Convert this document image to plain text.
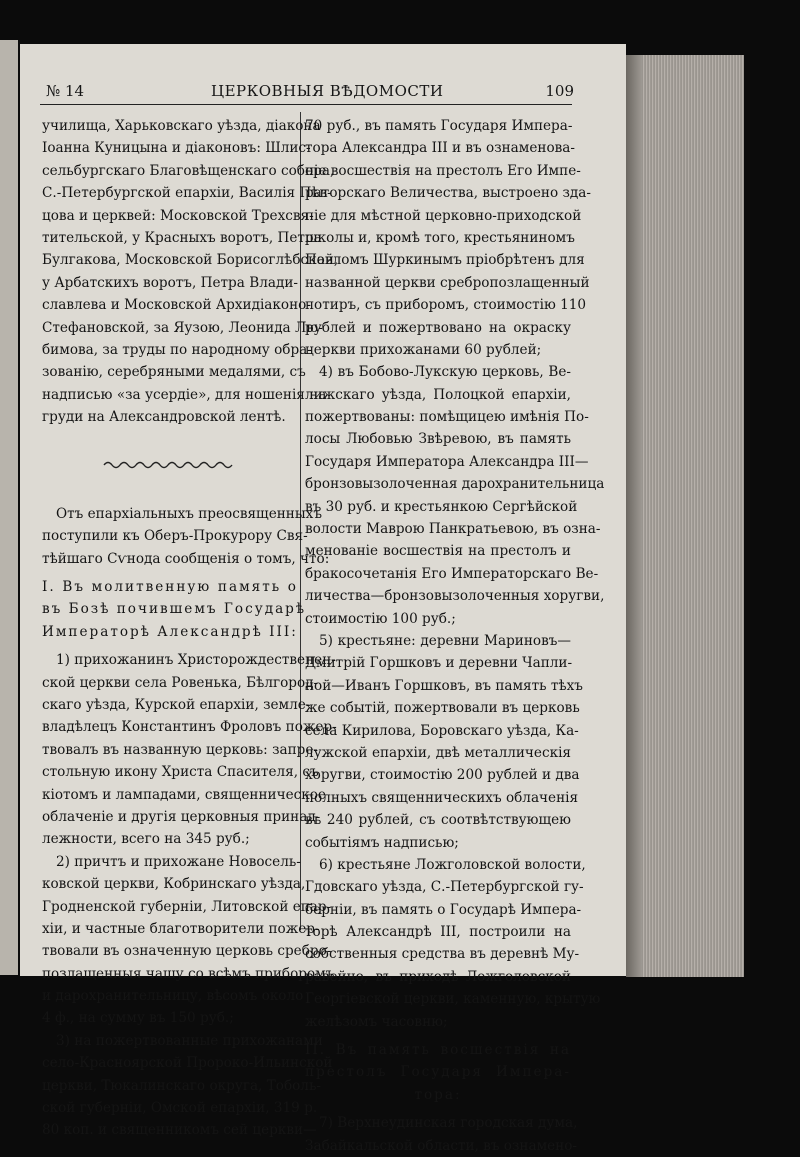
№ 14	ЦЕРКОВНЫЯ ВѢДОМОСТИ	109
училища, Харьковскаго уѣзда, діакона
Іоанна Куницына и діаконовъ: Шлис-
сельбургскаго Благовѣщенскаго собора,
С.-Петербургской епархіи, Василія Пѣв-
цова и церквей: Московской Трехсвя-
тительской, у Красныхъ воротъ, Петра
Булгакова, Московской Борисоглѣбской,
у Арбатскихъ воротъ, Петра Влади-
славлева и Московской Архидіаконо-
Стефановской, за Яузою, Леонида Лю-
бимова, за труды по народному обра-
зованію, серебряными медалями, съ
надписью «за усердіе», для ношенія на
груди на Александровской лентѣ.
Отъ епархіальныхъ преосвященныхъ
поступили къ Оберъ-Прокурору Свя-
тѣйшаго Сѵнода сообщенія о томъ, что:
I. Въ молитвенную память о
въ Бозѣ почившемъ Государѣ
Императорѣ Александрѣ III:
1) прихожанинъ Христорождественен-
ской церкви села Ровенька, Бѣлгород-
скаго уѣзда, Курской епархіи, земле-
владѣлецъ Константинъ Фроловъ пожер-
твовалъ въ названную церковь: запре-
стольную икону Христа Спасителя, съ
кіотомъ и лампадами, священническое
облаченіе и другія церковныя принад-
лежности, всего на 345 руб.;
2) причтъ и прихожане Новосель-
ковской церкви, Кобринскаго уѣзда,
Гродненской губерніи, Литовской епар-
хіи, и частные благотворители пожер-
твовали въ означенную церковь сребро-
позлащенныя чашу со всѣмъ приборомъ
и дарохранительницу, вѣсомъ около
4 ф., на сумму въ 150 руб.;
3) на пожертвованные прихожанами
село-Красноярской Пророко-Ильинской
церкви, Тюкалинскаго округа, Тоболь-
ской губерніи, Омской епархіи, 319 р.
80 коп. и священникомъ сей церкви—
70 руб., въ память Государя Импера-
тора Александра III и въ ознаменова-
ніе восшествія на престолъ Его Импе-
раторскаго Величества, выстроено зда-
піе для мѣстной церковно-приходской
школы и, кромѣ того, крестьяниномъ
Павломъ Шуркинымъ пріобрѣтенъ для
названной церкви сребропозлащенный
потиръ, съ приборомъ, стоимостію 110
рублей и пожертвовано на окраску
церкви прихожанами 60 рублей;
4) въ Бобово-Лукскую церковь, Ве-
лижскаго уѣзда, Полоцкой епархіи,
пожертвованы: помѣщицею имѣнія По-
лосы Любовью Звѣревою, въ память
Государя Императора Александра III—
бронзовызолоченная дарохранительница
въ 30 руб. и крестьянкою Сергѣйской
волости Маврою Панкратьевою, въ озна-
менованіе восшествія на престолъ и
бракосочетанія Его Императорскаго Ве-
личества—бронзовызолоченныя хоругви,
стоимостію 100 руб.;
5) крестьяне: деревни Мариновъ—
Дмитрій Горшковъ и деревни Чапли-
ной—Иванъ Горшковъ, въ память тѣхъ
же событій, пожертвовали въ церковь
села Кирилова, Боровскаго уѣзда, Ка-
лужской епархіи, двѣ металлическія
хоругви, стоимостію 200 рублей и два
полныхъ священническихъ облаченія
въ 240 рублей, съ соотвѣтствующею
событіямъ надписью;
6) крестьяне Ложголовской волости,
Гдовскаго уѣзда, С.-Петербургской гу-
берніи, въ память о Государѣ Импера-
торѣ Александрѣ III, построили на
собственныя средства въ деревнѣ Му-
равейно, въ приходѣ Ложголовской
Георгіевской церкви, каменную, крытую
желѣзомъ часовню;
II. Въ память восшествія на
престолъ Государя Импера-
тора:
7) Верхнеудинская городская дума,
Забайкальской области, въ ознамено-
